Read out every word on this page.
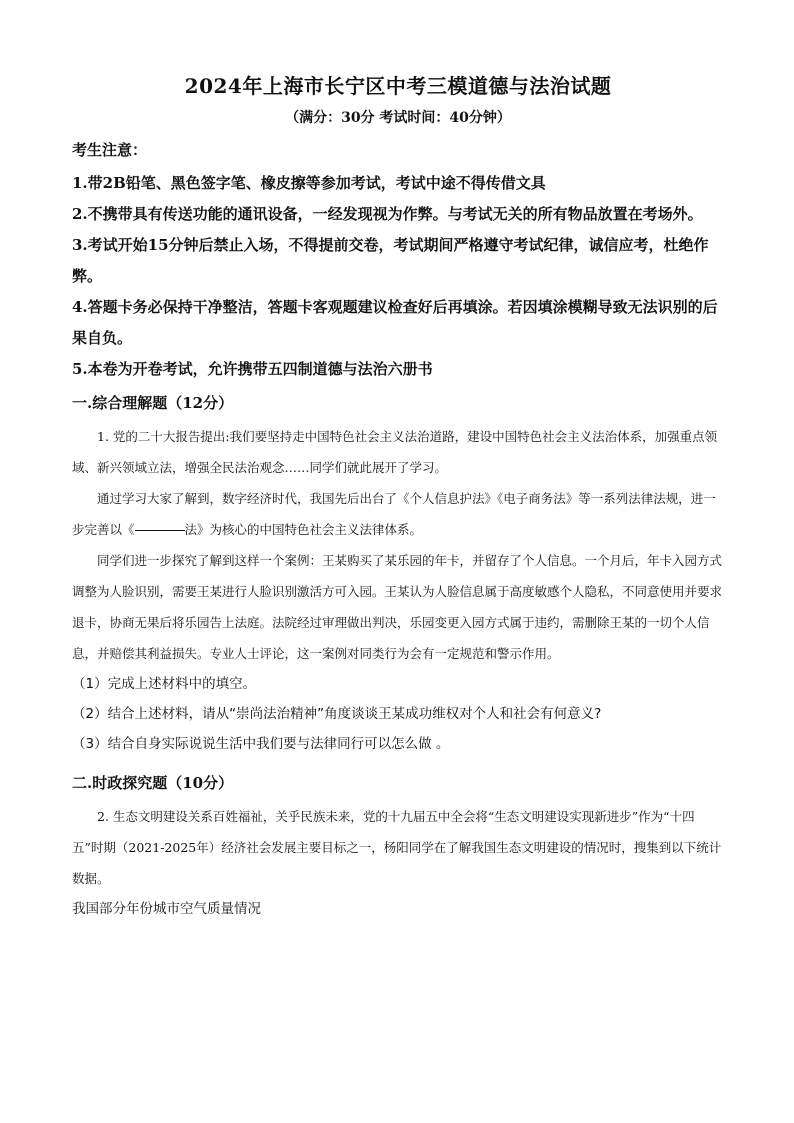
2024年上海市长宁区中考三模道德与法治试题
（满分：30分 考试时间：40分钟）

考生注意：

1.带2B铅笔、黑色签字笔、橡皮擦等参加考试，考试中途不得传借文具

2.不携带具有传送功能的通讯设备，一经发现视为作弊。与考试无关的所有物品放置在考场外。

3.考试开始15分钟后禁止入场，不得提前交卷，考试期间严格遵守考试纪律，诚信应考，杜绝作弊。

4.答题卡务必保持干净整洁，答题卡客观题建议检查好后再填涂。若因填涂模糊导致无法识别的后果自负。

5.本卷为开卷考试，允许携带五四制道德与法治六册书

一.综合理解题（12分）

1. 党的二十大报告提出:我们要坚持走中国特色社会主义法治道路，建设中国特色社会主义法治体系，加强重点领域、新兴领域立法，增强全民法治观念……同学们就此展开了学习。

通过学习大家了解到，数字经济时代，我国先后出台了《个人信息护法》《电子商务法》等一系列法律法规，进一步完善以《	法》为核心的中国特色社会主义法律体系。

同学们进一步探究了解到这样一个案例：王某购买了某乐园的年卡，并留存了个人信息。一个月后，年卡入园方式调整为人脸识别，需要王某进行人脸识别激活方可入园。王某认为人脸信息属于高度敏感个人隐私，不同意使用并要求退卡，协商无果后将乐园告上法庭。法院经过审理做出判决，乐园变更入园方式属于违约，需删除王某的一切个人信息，并赔偿其利益损失。专业人士评论，这一案例对同类行为会有一定规范和警示作用。

（1）完成上述材料中的填空。

（2）结合上述材料，请从“崇尚法治精神”角度谈谈王某成功维权对个人和社会有何意义?

（3）结合自身实际说说生活中我们要与法律同行可以怎么做 。

二.时政探究题（10分）

2. 生态文明建设关系百姓福祉，关乎民族未来，党的十九届五中全会将“生态文明建设实现新进步”作为“十四五”时期（2021-2025年）经济社会发展主要目标之一，杨阳同学在了解我国生态文明建设的情况时，搜集到以下统计数据。

我国部分年份城市空气质量情况
